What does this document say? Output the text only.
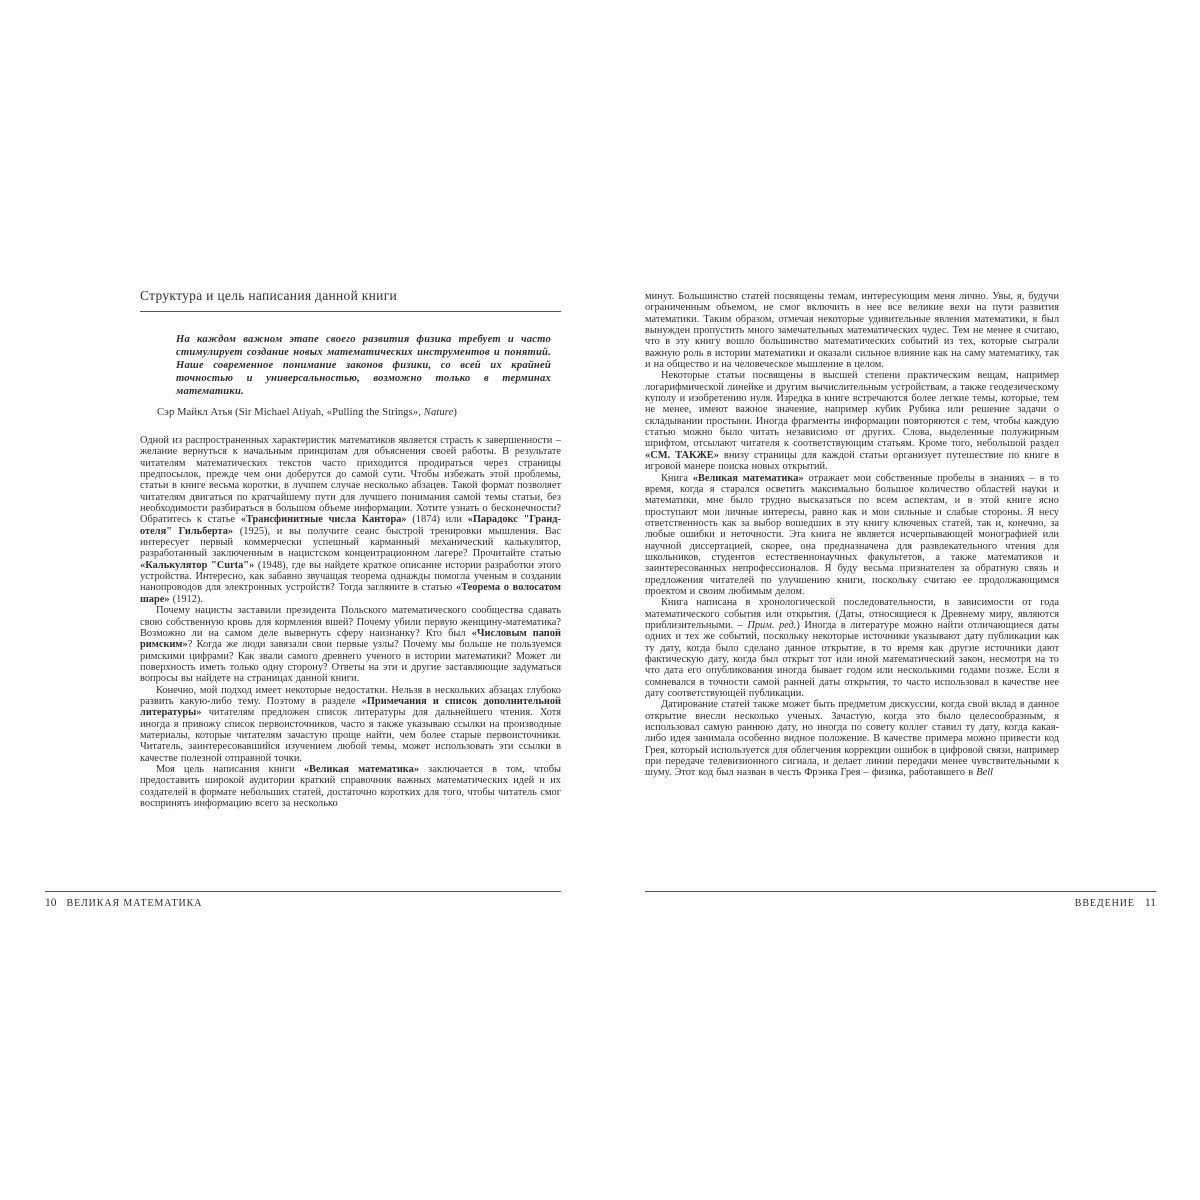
Структура и цель написания данной книги
На каждом важном этапе своего развития физика требует и часто стимулирует создание новых математических инструментов и понятий. Наше современное понимание законов физики, со всей их крайней точностью и универсальностью, возможно только в терминах математики.
Сэр Майкл Атья (Sir Michael Atiyah, «Pulling the Strings», Nature)

Одной из распространенных характеристик математиков является страсть к завершенности – желание вернуться к начальным принципам для объяснения своей работы. В результате читателям математических текстов часто приходится продираться через страницы предпосылок, прежде чем они доберутся до самой сути. Чтобы избежать этой проблемы, статьи в книге весьма коротки, в лучшем случае несколько абзацев. Такой формат позволяет читателям двигаться по кратчайшему пути для лучшего понимания самой темы статьи, без необходимости разбираться в большом объеме информации. Хотите узнать о бесконечности? Обратитесь к статье «Трансфинитные числа Кантора» (1874) или «Парадокс "Гранд-отеля" Гильберта» (1925), и вы получите сеанс быстрой тренировки мышления. Вас интересует первый коммерчески успешный карманный механический калькулятор, разработанный заключенным в нацистском концентрационном лагере? Прочитайте статью «Калькулятор "Curta"» (1948), где вы найдете краткое описание истории разработки этого устройства. Интересно, как забавно звучащая теорема однажды помогла ученым в создании нанопроводов для электронных устройств? Тогда загляните в статью «Теорема о волосатом шаре» (1912).

Почему нацисты заставили президента Польского математического сообщества сдавать свою собственную кровь для кормления вшей? Почему убили первую женщину-математика? Возможно ли на самом деле вывернуть сферу наизнанку? Кто был «Числовым папой римским»? Когда же люди завязали свои первые узлы? Почему мы больше не пользуемся римскими цифрами? Как звали самого древнего ученого в истории математики? Может ли поверхность иметь только одну сторону? Ответы на эти и другие заставляющие задуматься вопросы вы найдете на страницах данной книги.

Конечно, мой подход имеет некоторые недостатки. Нельзя в нескольких абзацах глубоко развить какую-либо тему. Поэтому в разделе «Примечания и список дополнительной литературы» читателям предложен список литературы для дальнейшего чтения. Хотя иногда я привожу список первоисточников, часто я также указываю ссылки на производные материалы, которые читателям зачастую проще найти, чем более старые первоисточники. Читатель, заинтересовавшийся изучением любой темы, может использовать эти ссылки в качестве полезной отправной точки.

Моя цель написания книги «Великая математика» заключается в том, чтобы предоставить широкой аудитории краткий справочник важных математических идей и их создателей в формате небольших статей, достаточно коротких для того, чтобы читатель смог воспринять информацию всего за несколько

минут. Большинство статей посвящены темам, интересующим меня лично. Увы, я, будучи ограниченным объемом, не смог включить в нее все великие вехи на пути развития математики. Таким образом, отмечая некоторые удивительные явления математики, я был вынужден пропустить много замечательных математических чудес. Тем не менее я считаю, что в эту книгу вошло большинство математических событий из тех, которые сыграли важную роль в истории математики и оказали сильное влияние как на саму математику, так и на общество и на человеческое мышление в целом.

Некоторые статьи посвящены в высшей степени практическим вещам, например логарифмической линейке и другим вычислительным устройствам, а также геодезическому куполу и изобретению нуля. Изредка в книге встречаются более легкие темы, которые, тем не менее, имеют важное значение, например кубик Рубика или решение задачи о складывании простыни. Иногда фрагменты информации повторяются с тем, чтобы каждую статью можно было читать независимо от других. Слова, выделенные полужирным шрифтом, отсылают читателя к соответствующим статьям. Кроме того, небольшой раздел «СМ. ТАКЖЕ» внизу страницы для каждой статьи организует путешествие по книге в игровой манере поиска новых открытий.

Книга «Великая математика» отражает мои собственные пробелы в знаниях – в то время, когда я старался осветить максимально большое количество областей науки и математики, мне было трудно высказаться по всем аспектам, и в этой книге ясно проступают мои личные интересы, равно как и мои сильные и слабые стороны. Я несу ответственность как за выбор вошедших в эту книгу ключевых статей, так и, конечно, за любые ошибки и неточности. Эта книга не является исчерпывающей монографией или научной диссертацией, скорее, она предназначена для развлекательного чтения для школьников, студентов естественнонаучных факультетов, а также математиков и заинтересованных непрофессионалов. Я буду весьма признателен за обратную связь и предложения читателей по улучшению книги, поскольку считаю ее продолжающимся проектом и своим любимым делом.

Книга написана в хронологической последовательности, в зависимости от года математического события или открытия. (Даты, относящиеся к Древнему миру, являются приблизительными. – Прим. ред.) Иногда в литературе можно найти отличающиеся даты одних и тех же событий, поскольку некоторые источники указывают дату публикации как ту дату, когда было сделано данное открытие, в то время как другие источники дают фактическую дату, когда был открыт тот или иной математический закон, несмотря на то что дата его опубликования иногда бывает годом или несколькими годами позже. Если я сомневался в точности самой ранней даты открытия, то часто использовал в качестве нее дату соответствующей публикации.

Датирование статей также может быть предметом дискуссии, когда свой вклад в данное открытие внесли несколько ученых. Зачастую, когда это было целесообразным, я использовал самую раннюю дату, но иногда по совету коллег ставил ту дату, когда какая-либо идея занимала особенно видное положение. В качестве примера можно привести код Грея, который используется для облегчения коррекции ошибок в цифровой связи, например при передаче телевизионного сигнала, и делает линии передачи менее чувствительными к шуму. Этот код был назван в честь Фрэнка Грея – физика, работавшего в Bell

10 ВЕЛИКАЯ МАТЕМАТИКА	ВВЕДЕНИЕ 11
